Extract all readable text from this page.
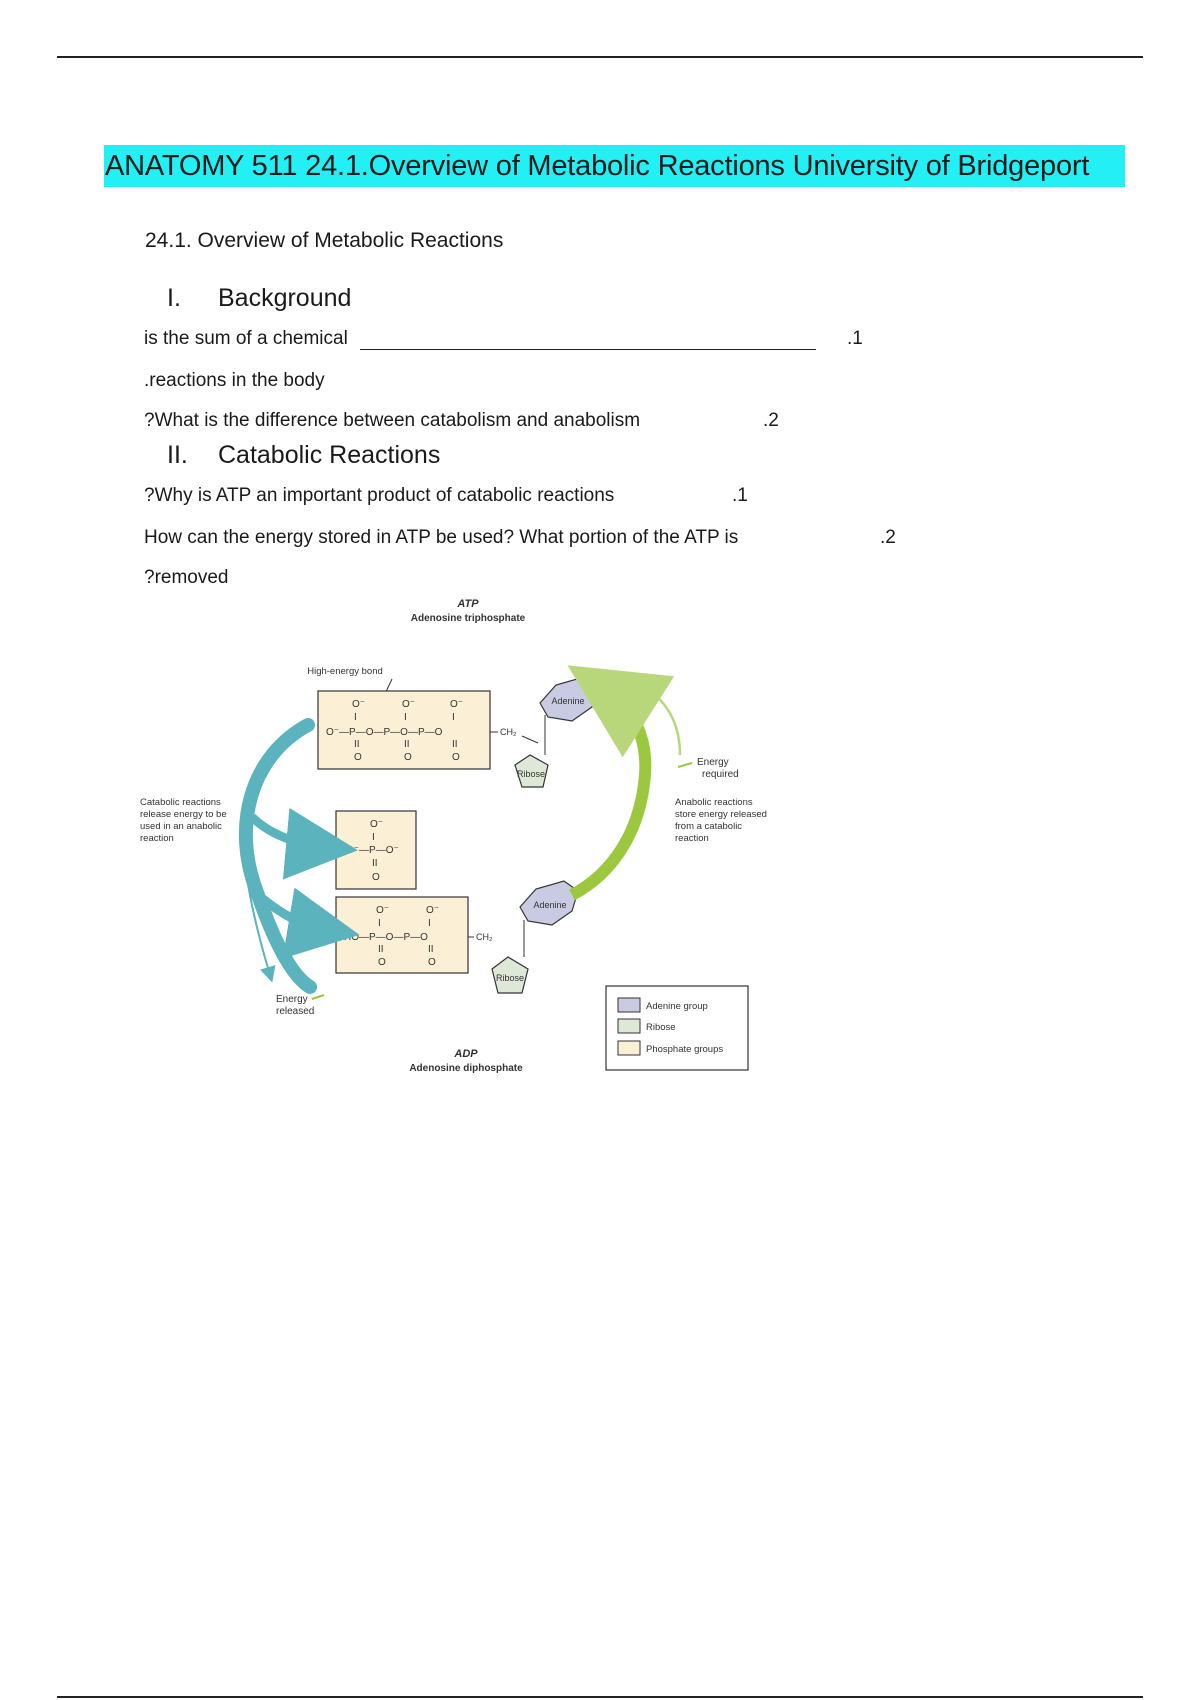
ANATOMY 511 24.1.Overview of Metabolic Reactions University of Bridgeport
24.1. Overview of Metabolic Reactions
I. Background
is the sum of a chemical	.1
.reactions in the body
?What is the difference between catabolism and anabolism	.2
II. Catabolic Reactions
?Why is ATP an important product of catabolic reactions	.1
How can the energy stored in ATP be used? What portion of the ATP is	.2
?removed
ATP
Adenosine triphosphate
High-energy bond
O⁻	O⁻	O⁻
I	I	I
O⁻—P—O—P—O—P—O
II	II	II
O	O	O
CH₂
Ribose
Adenine
O⁻
I
O⁻—P—O⁻
II
O
O⁻	O⁻
I	I
HO—P—O—P—O
II	II
O	O
CH₂
Ribose
Adenine
Catabolic reactions
release energy to be
used in an anabolic
reaction
Energy
required
Anabolic reactions
store energy released
from a catabolic
reaction
Energy
released
ADP
Adenosine diphosphate
Adenine group
Ribose
Phosphate groups
